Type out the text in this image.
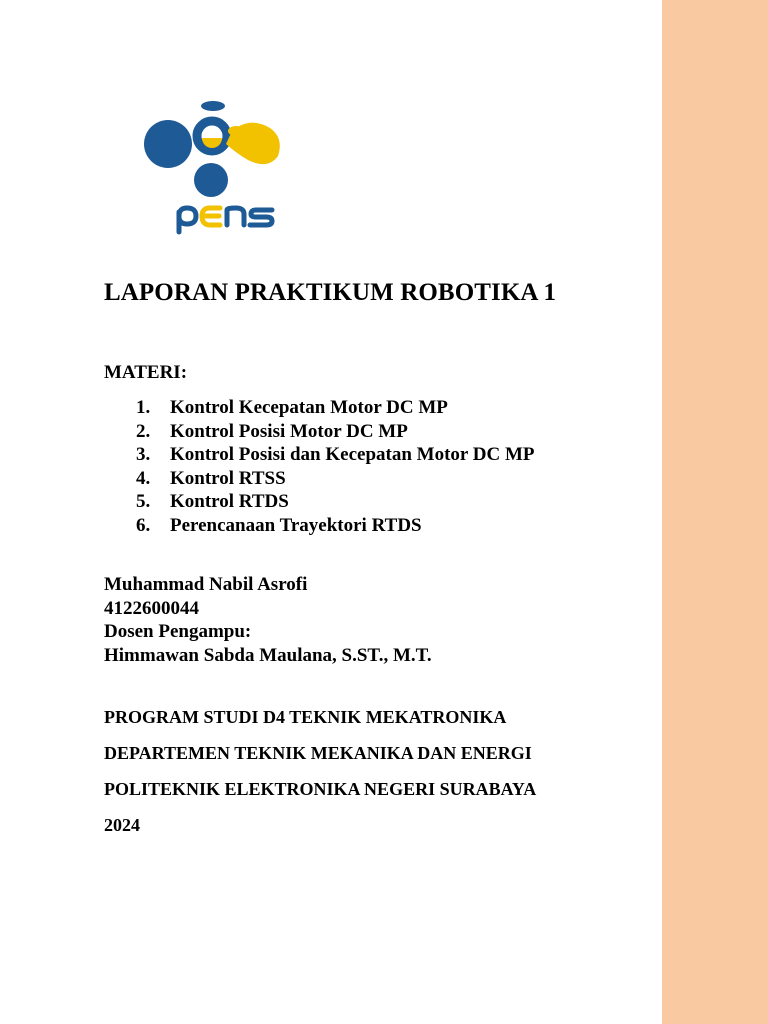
LAPORAN PRAKTIKUM ROBOTIKA 1

MATERI:

1. Kontrol Kecepatan Motor DC MP
2. Kontrol Posisi Motor DC MP
3. Kontrol Posisi dan Kecepatan Motor DC MP
4. Kontrol RTSS
5. Kontrol RTDS
6. Perencanaan Trayektori RTDS
Muhammad Nabil Asrofi
4122600044
Dosen Pengampu:
Himmawan Sabda Maulana, S.ST., M.T.
PROGRAM STUDI D4 TEKNIK MEKATRONIKA
DEPARTEMEN TEKNIK MEKANIKA DAN ENERGI
POLITEKNIK ELEKTRONIKA NEGERI SURABAYA
2024
